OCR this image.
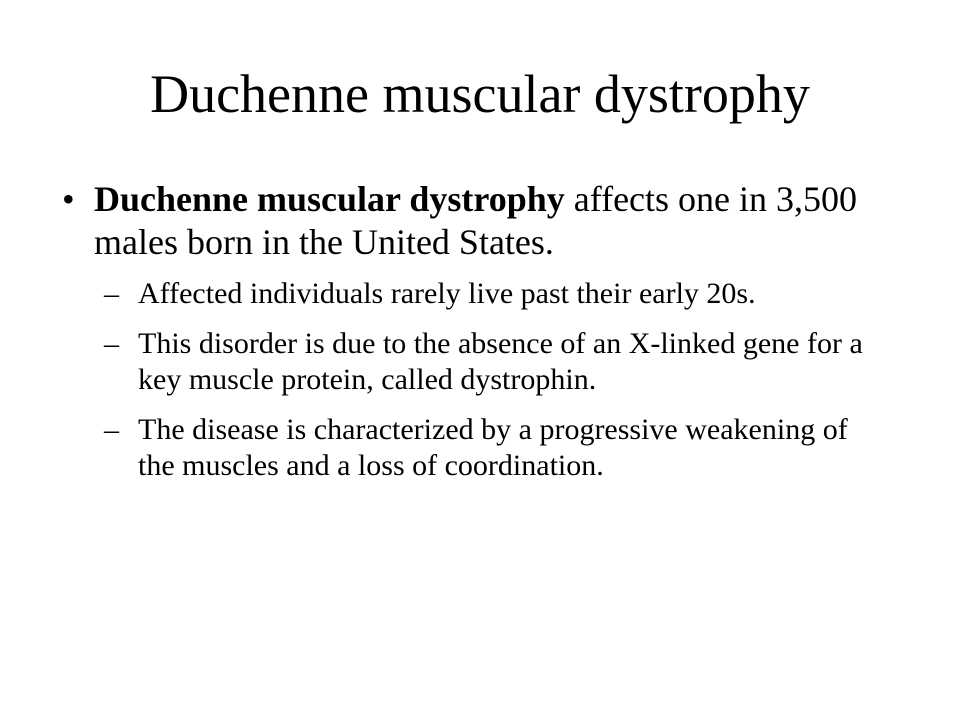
Duchenne muscular dystrophy

• Duchenne muscular dystrophy affects one in 3,500 males born in the United States.

– Affected individuals rarely live past their early 20s.
– This disorder is due to the absence of an X-linked gene for a key muscle protein, called dystrophin.
– The disease is characterized by a progressive weakening of the muscles and a loss of coordination.
